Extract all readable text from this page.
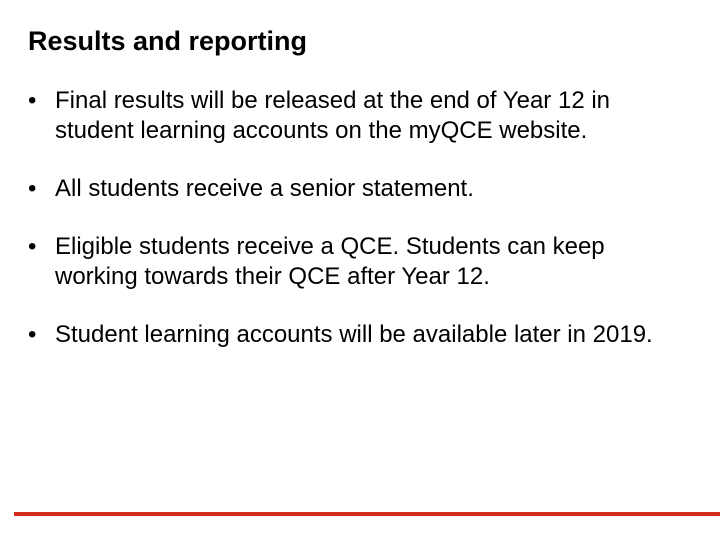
Results and reporting
• Final results will be released at the end of Year 12 in student learning accounts on the myQCE website.
• All students receive a senior statement.
• Eligible students receive a QCE. Students can keep working towards their QCE after Year 12.
• Student learning accounts will be available later in 2019.
